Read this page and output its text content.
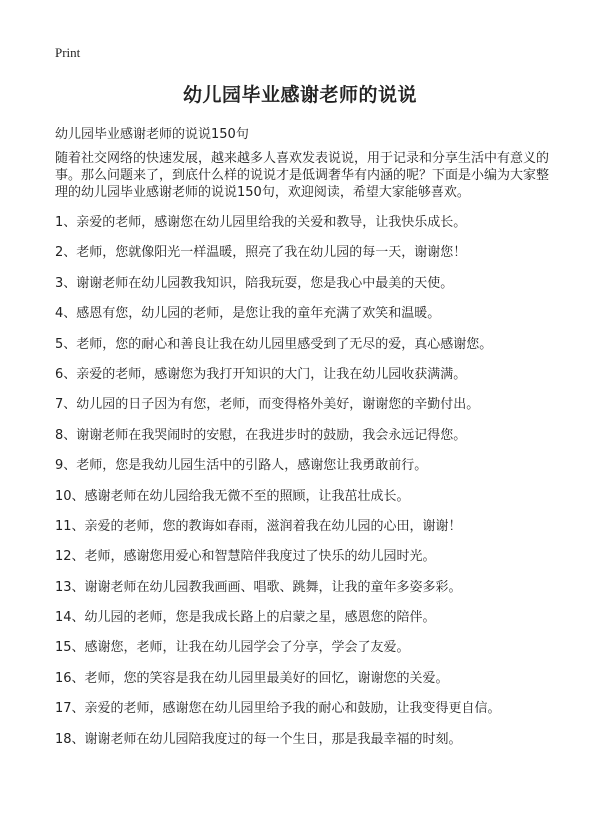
Print
幼儿园毕业感谢老师的说说

幼儿园毕业感谢老师的说说150句

随着社交网络的快速发展，越来越多人喜欢发表说说，用于记录和分享生活中有意义的事。那么问题来了，到底什么样的说说才是低调奢华有内涵的呢？下面是小编为大家整理的幼儿园毕业感谢老师的说说150句，欢迎阅读，希望大家能够喜欢。

1、亲爱的老师，感谢您在幼儿园里给我的关爱和教导，让我快乐成长。
2、老师，您就像阳光一样温暖，照亮了我在幼儿园的每一天，谢谢您！
3、谢谢老师在幼儿园教我知识，陪我玩耍，您是我心中最美的天使。
4、感恩有您，幼儿园的老师，是您让我的童年充满了欢笑和温暖。
5、老师，您的耐心和善良让我在幼儿园里感受到了无尽的爱，真心感谢您。
6、亲爱的老师，感谢您为我打开知识的大门，让我在幼儿园收获满满。
7、幼儿园的日子因为有您，老师，而变得格外美好，谢谢您的辛勤付出。
8、谢谢老师在我哭闹时的安慰，在我进步时的鼓励，我会永远记得您。
9、老师，您是我幼儿园生活中的引路人，感谢您让我勇敢前行。
10、感谢老师在幼儿园给我无微不至的照顾，让我茁壮成长。
11、亲爱的老师，您的教诲如春雨，滋润着我在幼儿园的心田，谢谢！
12、老师，感谢您用爱心和智慧陪伴我度过了快乐的幼儿园时光。
13、谢谢老师在幼儿园教我画画、唱歌、跳舞，让我的童年多姿多彩。
14、幼儿园的老师，您是我成长路上的启蒙之星，感恩您的陪伴。
15、感谢您，老师，让我在幼儿园学会了分享，学会了友爱。
16、老师，您的笑容是我在幼儿园里最美好的回忆，谢谢您的关爱。
17、亲爱的老师，感谢您在幼儿园里给予我的耐心和鼓励，让我变得更自信。
18、谢谢老师在幼儿园陪我度过的每一个生日，那是我最幸福的时刻。
